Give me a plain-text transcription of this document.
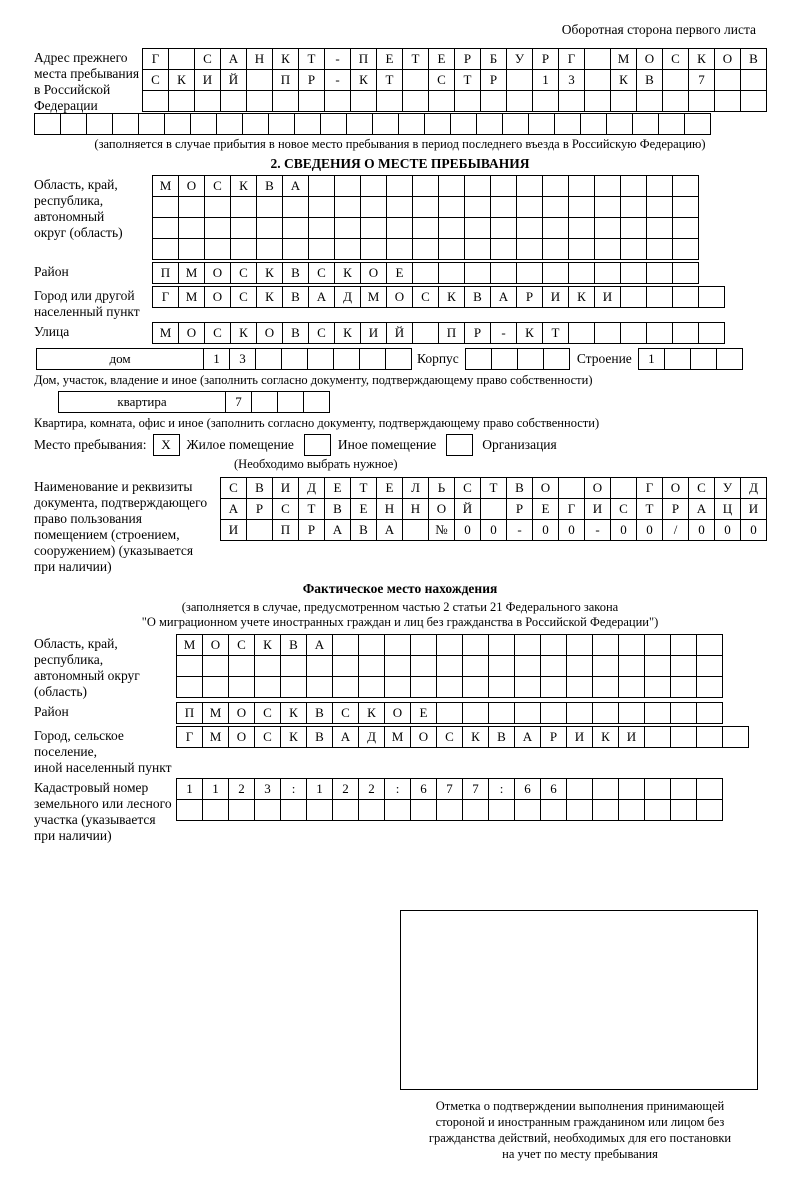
Оборотная сторона первого листа
Адрес прежнего
места пребывания
в Российской
Федерации
Г	С	А	Н	К	Т	-	П	Е	Т	Е	Р	Б	У	Р	Г	М	О	С	К	О	В
С	К	И	Й	П	Р	-	К	Т	С	Т	Р	1	3	К	В	7
(заполняется в случае прибытия в новое место пребывания в период последнего въезда в Российскую Федерацию)
2. СВЕДЕНИЯ О МЕСТЕ ПРЕБЫВАНИЯ
Область, край,
республика,
автономный
округ (область)
М	О	С	К	В	А
Район	П	М	О	С	К	В	С	К	О	Е
Город или другой
населенный пункт
Г	М	О	С	К	В	А	Д	М	О	С	К	В	А	Р	И	К	И
Улица	М	О	С	К	О	В	С	К	И	Й	П	Р	-	К	Т
дом	1	3	Корпус	Строение	1
Дом, участок, владение и иное (заполнить согласно документу, подтверждающему право собственности)
квартира	7
Квартира, комната, офис и иное (заполнить согласно документу, подтверждающему право собственности)
Место пребывания:	X	Жилое помещение	Иное помещение	Организация
(Необходимо выбрать нужное)
Наименование и реквизиты
документа, подтверждающего
право пользования
помещением (строением,
сооружением) (указывается
при наличии)
С	В	И	Д	Е	Т	Е	Л	Ь	С	Т	В	О	О	Г	О	С	У	Д
А	Р	С	Т	В	Е	Н	Н	О	Й	Р	Е	Г	И	С	Т	Р	А	Ц	И
И	П	Р	А	В	А	№	0	0	-	0	0	-	0	0	/	0	0	0
Фактическое место нахождения
(заполняется в случае, предусмотренном частью 2 статьи 21 Федерального закона
"О миграционном учете иностранных граждан и лиц без гражданства в Российской Федерации")
Область, край,
республика,
автономный округ
(область)
М	О	С	К	В	А
Район	П	М	О	С	К	В	С	К	О	Е
Город, сельское поселение,
иной населенный пункт
Г	М	О	С	К	В	А	Д	М	О	С	К	В	А	Р	И	К	И
Кадастровый номер
земельного или лесного
участка (указывается
при наличии)
1	1	2	3	:	1	2	2	:	6	7	7	:	6	6
Отметка о подтверждении выполнения принимающей
стороной и иностранным гражданином или лицом без
гражданства действий, необходимых для его постановки
на учет по месту пребывания
